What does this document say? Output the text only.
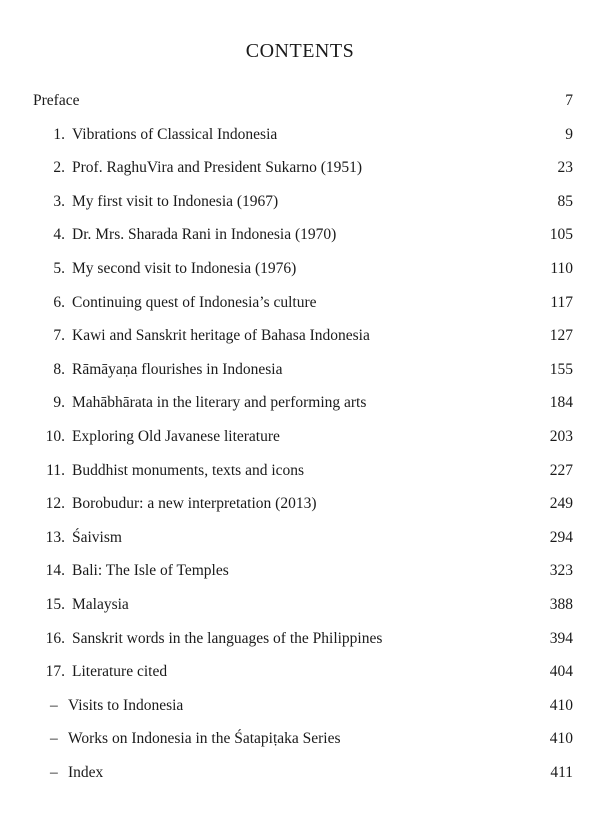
CONTENTS
Preface	7
1. Vibrations of Classical Indonesia	9
2. Prof. RaghuVira and President Sukarno (1951)	23
3. My first visit to Indonesia (1967)	85
4. Dr. Mrs. Sharada Rani in Indonesia (1970)	105
5. My second visit to Indonesia (1976)	110
6. Continuing quest of Indonesia’s culture	117
7. Kawi and Sanskrit heritage of Bahasa Indonesia	127
8. Rāmāyaṇa flourishes in Indonesia	155
9. Mahābhārata in the literary and performing arts	184
10. Exploring Old Javanese literature	203
11. Buddhist monuments, texts and icons	227
12. Borobudur: a new interpretation (2013)	249
13. Śaivism	294
14. Bali: The Isle of Temples	323
15. Malaysia	388
16. Sanskrit words in the languages of the Philippines	394
17. Literature cited	404
– Visits to Indonesia	410
– Works on Indonesia in the Śatapiṭaka Series	410
– Index	411
